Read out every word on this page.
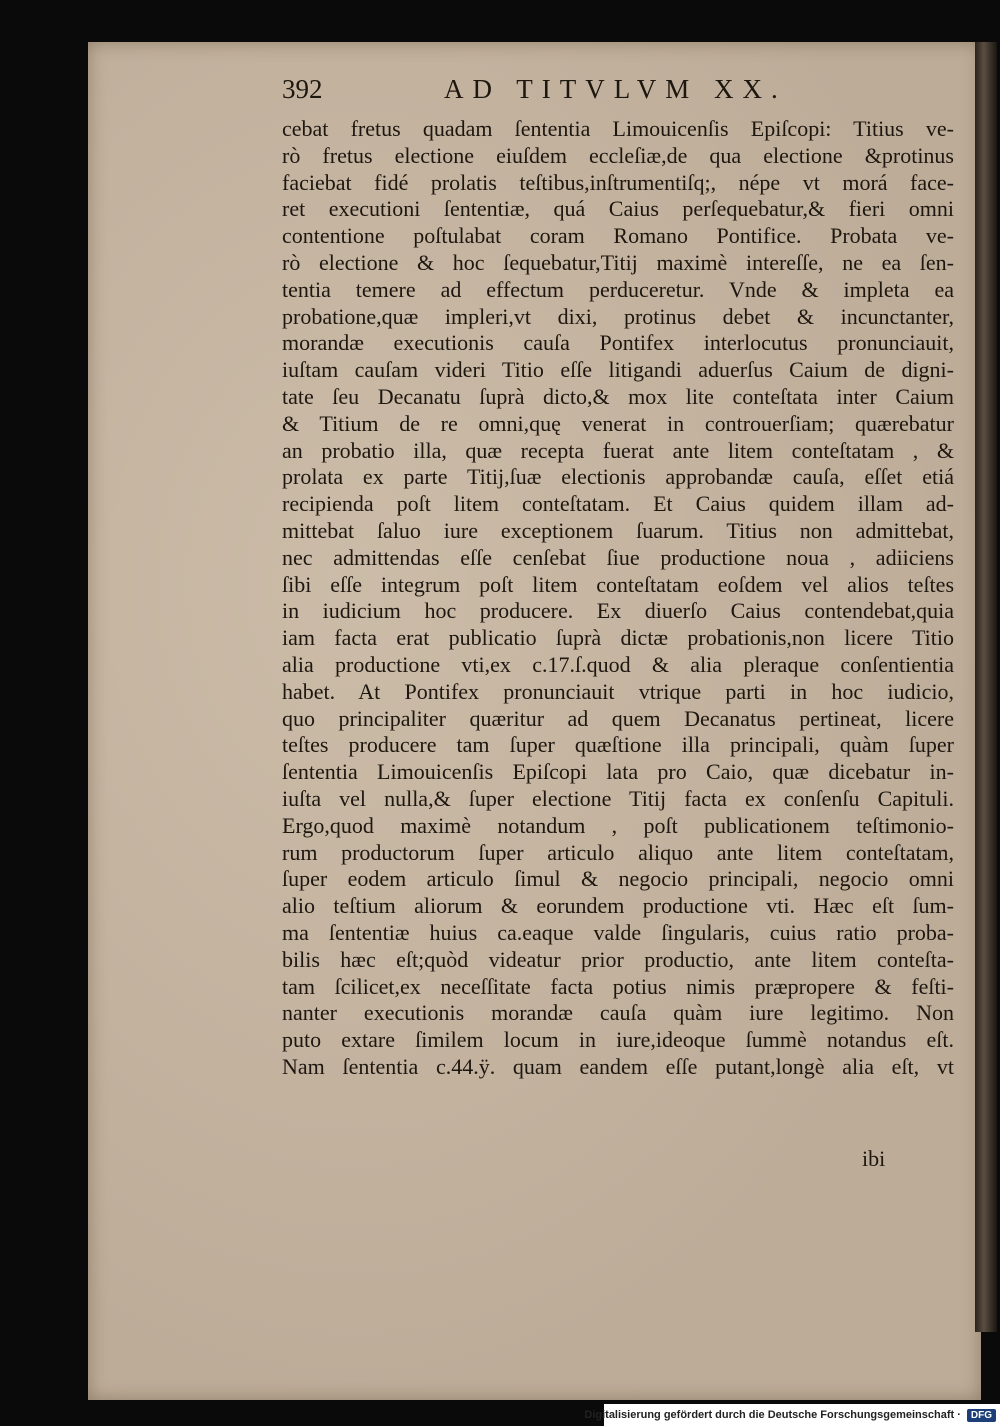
392	AD TITVLVM XX.
cebat fretus quadam ſententia Limouicenſis Epiſcopi: Titius ve-
rò fretus electione eiuſdem eccleſiæ,de qua electione &protinus
faciebat fidé prolatis teſtibus,inſtrumentiſq;, népe vt morá face-
ret executioni ſententiæ, quá Caius perſequebatur,& fieri omni
contentione poſtulabat coram Romano Pontifice. Probata ve-
rò electione & hoc ſequebatur,Titij maximè intereſſe, ne ea ſen-
tentia temere ad effectum perduceretur. Vnde & impleta ea
probatione,quæ impleri,vt dixi, protinus debet & incunctanter,
morandæ executionis cauſa Pontifex interlocutus pronunciauit,
iuſtam cauſam videri Titio eſſe litigandi aduerſus Caium de digni-
tate ſeu Decanatu ſuprà dicto,& mox lite conteſtata inter Caium
& Titium de re omni,quę venerat in controuerſiam; quærebatur
an probatio illa, quæ recepta fuerat ante litem conteſtatam , &
prolata ex parte Titij,ſuæ electionis approbandæ cauſa, eſſet etiá
recipienda poſt litem conteſtatam. Et Caius quidem illam ad-
mittebat ſaluo iure exceptionem ſuarum. Titius non admittebat,
nec admittendas eſſe cenſebat ſiue productione noua , adiiciens
ſibi eſſe integrum poſt litem conteſtatam eoſdem vel alios teſtes
in iudicium hoc producere. Ex diuerſo Caius contendebat,quia
iam facta erat publicatio ſuprà dictæ probationis,non licere Titio
alia productione vti,ex c.17.ſ.quod & alia pleraque conſentientia
habet. At Pontifex pronunciauit vtrique parti in hoc iudicio,
quo principaliter quæritur ad quem Decanatus pertineat, licere
teſtes producere tam ſuper quæſtione illa principali, quàm ſuper
ſententia Limouicenſis Epiſcopi lata pro Caio, quæ dicebatur in-
iuſta vel nulla,& ſuper electione Titij facta ex conſenſu Capituli.
Ergo,quod maximè notandum , poſt publicationem teſtimonio-
rum productorum ſuper articulo aliquo ante litem conteſtatam,
ſuper eodem articulo ſimul & negocio principali, negocio omni
alio teſtium aliorum & eorundem productione vti. Hæc eſt ſum-
ma ſententiæ huius ca.eaque valde ſingularis, cuius ratio proba-
bilis hæc eſt;quòd videatur prior productio, ante litem conteſta-
tam ſcilicet,ex neceſſitate facta potius nimis præpropere & feſti-
nanter executionis morandæ cauſa quàm iure legitimo. Non
puto extare ſimilem locum in iure,ideoque ſummè notandus eſt.
Nam ſententia c.44.ÿ. quam eandem eſſe putant,longè alia eſt, vt
ibi
Digitalisierung gefördert durch die Deutsche Forschungsgemeinschaft ·	DFG
